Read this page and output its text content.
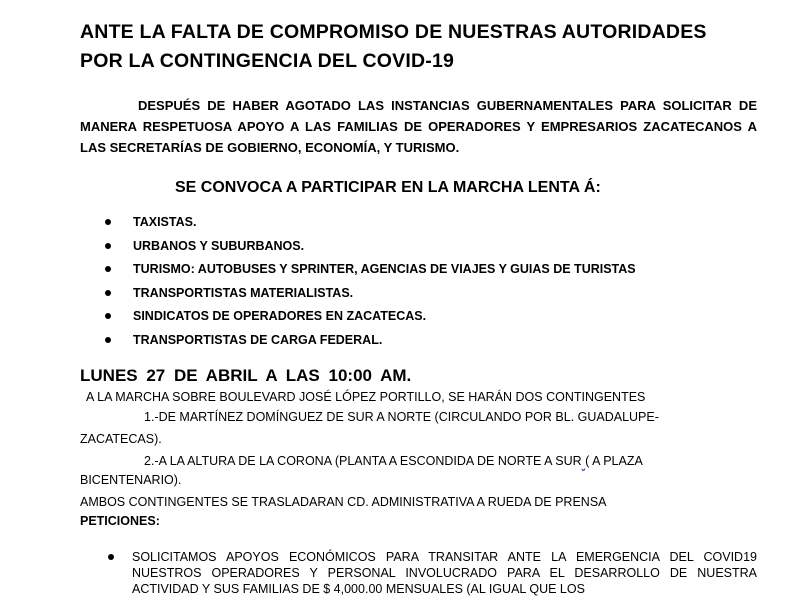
ANTE LA FALTA DE COMPROMISO DE NUESTRAS AUTORIDADES
POR LA CONTINGENCIA DEL COVID-19
DESPUÉS DE HABER AGOTADO LAS INSTANCIAS GUBERNAMENTALES PARA SOLICITAR DE MANERA RESPETUOSA APOYO A LAS FAMILIAS DE OPERADORES Y EMPRESARIOS ZACATECANOS A LAS SECRETARÍAS DE GOBIERNO, ECONOMÍA, Y TURISMO.
SE CONVOCA A PARTICIPAR EN LA MARCHA LENTA Á:
TAXISTAS.
URBANOS Y SUBURBANOS.
TURISMO: AUTOBUSES Y SPRINTER, AGENCIAS DE VIAJES Y GUIAS DE TURISTAS
TRANSPORTISTAS MATERIALISTAS.
SINDICATOS DE OPERADORES EN ZACATECAS.
TRANSPORTISTAS DE CARGA FEDERAL.
LUNES 27 DE ABRIL A LAS 10:00 AM.
A LA MARCHA SOBRE BOULEVARD JOSÉ LÓPEZ PORTILLO, SE HARÁN DOS CONTINGENTES
1.-DE MARTÍNEZ DOMÍNGUEZ DE SUR A NORTE (CIRCULANDO POR BL. GUADALUPE-
ZACATECAS).
2.-A LA ALTURA DE LA CORONA (PLANTA A ESCONDIDA DE NORTE A SUR ( A PLAZA
BICENTENARIO).
AMBOS CONTINGENTES SE TRASLADARAN CD. ADMINISTRATIVA A RUEDA DE PRENSA
PETICIONES:
SOLICITAMOS APOYOS ECONÓMICOS PARA TRANSITAR ANTE LA EMERGENCIA DEL COVID19 NUESTROS OPERADORES Y PERSONAL INVOLUCRADO PARA EL DESARROLLO DE NUESTRA ACTIVIDAD Y SUS FAMILIAS DE $ 4,000.00 MENSUALES (AL IGUAL QUE LOS
